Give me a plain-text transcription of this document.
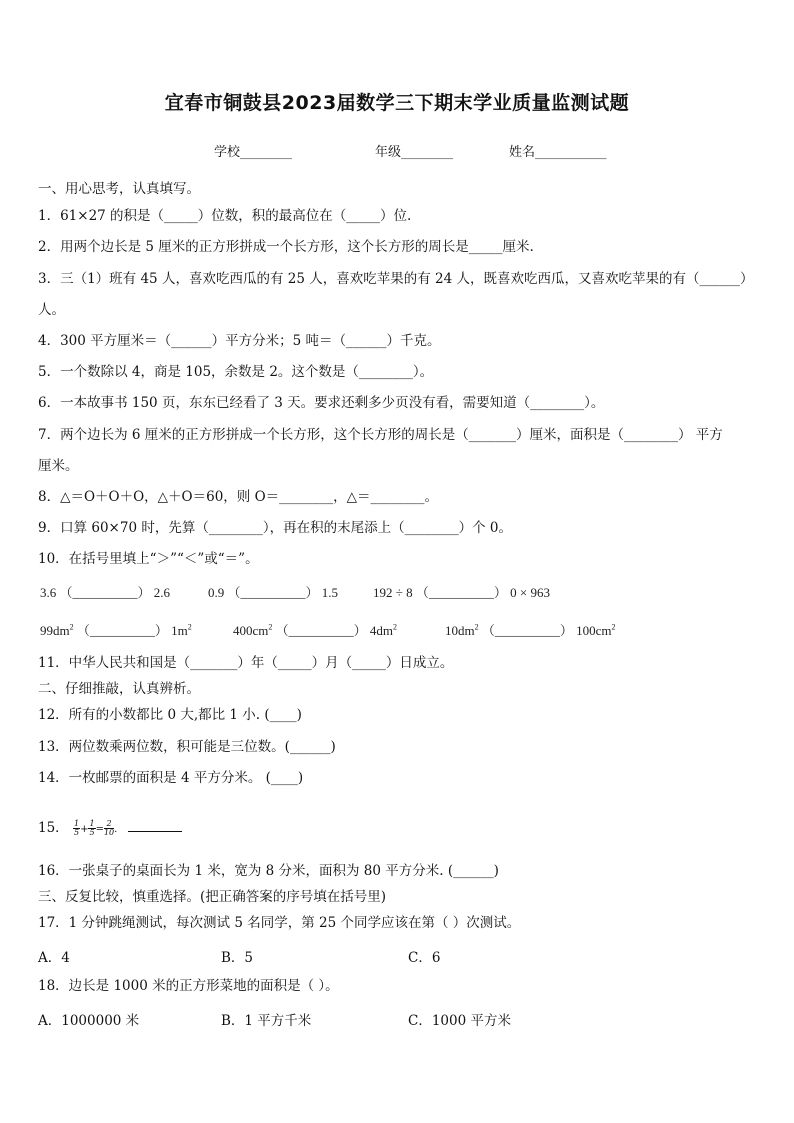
宜春市铜鼓县2023届数学三下期末学业质量监测试题
学校________	年级________	姓名___________
一、用心思考，认真填写。
1．61×27 的积是（_____）位数，积的最高位在（_____）位.
2．用两个边长是 5 厘米的正方形拼成一个长方形，这个长方形的周长是_____厘米.
3．三（1）班有 45 人，喜欢吃西瓜的有 25 人，喜欢吃苹果的有 24 人，既喜欢吃西瓜，又喜欢吃苹果的有（______）
人。
4．300 平方厘米＝（______）平方分米；5 吨＝（______）千克。
5．一个数除以 4，商是 105，余数是 2。这个数是（________）。
6．一本故事书 150 页，东东已经看了 3 天。要求还剩多少页没有看，需要知道（________）。
7．两个边长为 6 厘米的正方形拼成一个长方形，这个长方形的周长是（_______）厘米，面积是（________） 平方
厘米。
8．△＝O＋O＋O，△＋O＝60，则 O＝________，△＝________。
9．口算 60×70 时，先算（________），再在积的末尾添上（________）个 0。
10．在括号里填上“＞”“＜”或“＝”。
3.6 （__________） 2.6	0.9 （__________） 1.5	192 ÷ 8 （__________） 0 × 963
$99dm^2$ （__________） $1m^2$	$400cm^2$ （__________） $4dm^2$	$10dm^2$ （__________） $100cm^2$
11．中华人民共和国是（_______）年（_____）月（_____）日成立。
二、仔细推敲，认真辨析。
12．所有的小数都比 0 大,都比 1 小. (____)
13．两位数乘两位数，积可能是三位数。(______)
14．一枚邮票的面积是 4 平方分米。 (____)
15． $\frac{1}{5} + \frac{1}{5} = \frac{2}{10}$ .
16．一张桌子的桌面长为 1 米，宽为 8 分米，面积为 80 平方分米. (______)
三、反复比较，慎重选择。(把正确答案的序号填在括号里)
17．1 分钟跳绳测试，每次测试 5 名同学，第 25 个同学应该在第（ ）次测试。
A．4	B．5	C．6
18．边长是 1000 米的正方形菜地的面积是（ ）。
A．1000000 米	B．1 平方千米	C．1000 平方米
